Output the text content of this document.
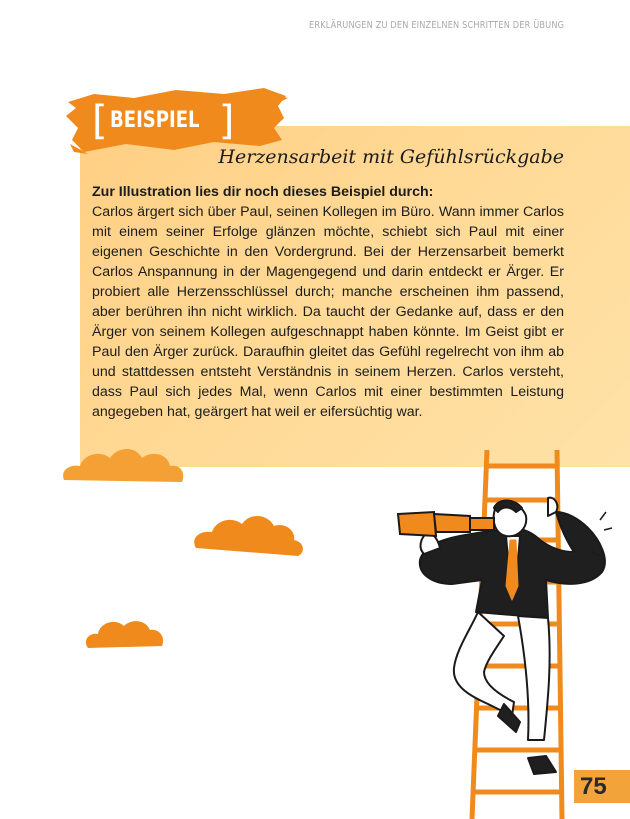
ERKLÄRUNGEN ZU DEN EINZELNEN SCHRITTEN DER ÜBUNG
[BEISPIEL ]
Herzensarbeit mit Gefühlsrückgabe
Zur Illustration lies dir noch dieses Beispiel durch:
Carlos ärgert sich über Paul, seinen Kollegen im Büro. Wann immer Carlos mit einem seiner Erfolge glänzen möchte, schiebt sich Paul mit einer eigenen Geschichte in den Vordergrund. Bei der Herzensarbeit bemerkt Carlos Anspannung in der Magengegend und darin entdeckt er Ärger. Er probiert alle Herzensschlüssel durch; manche erscheinen ihm passend, aber berühren ihn nicht wirklich. Da taucht der Gedanke auf, dass er den Ärger von seinem Kollegen aufgeschnappt haben könnte. Im Geist gibt er Paul den Ärger zurück. Daraufhin gleitet das Gefühl regelrecht von ihm ab und stattdessen entsteht Verständnis in seinem Herzen. Carlos versteht, dass Paul sich jedes Mal, wenn Carlos mit einer bestimmten Leistung angegeben hat, geärgert hat weil er eifersüchtig war.
75
